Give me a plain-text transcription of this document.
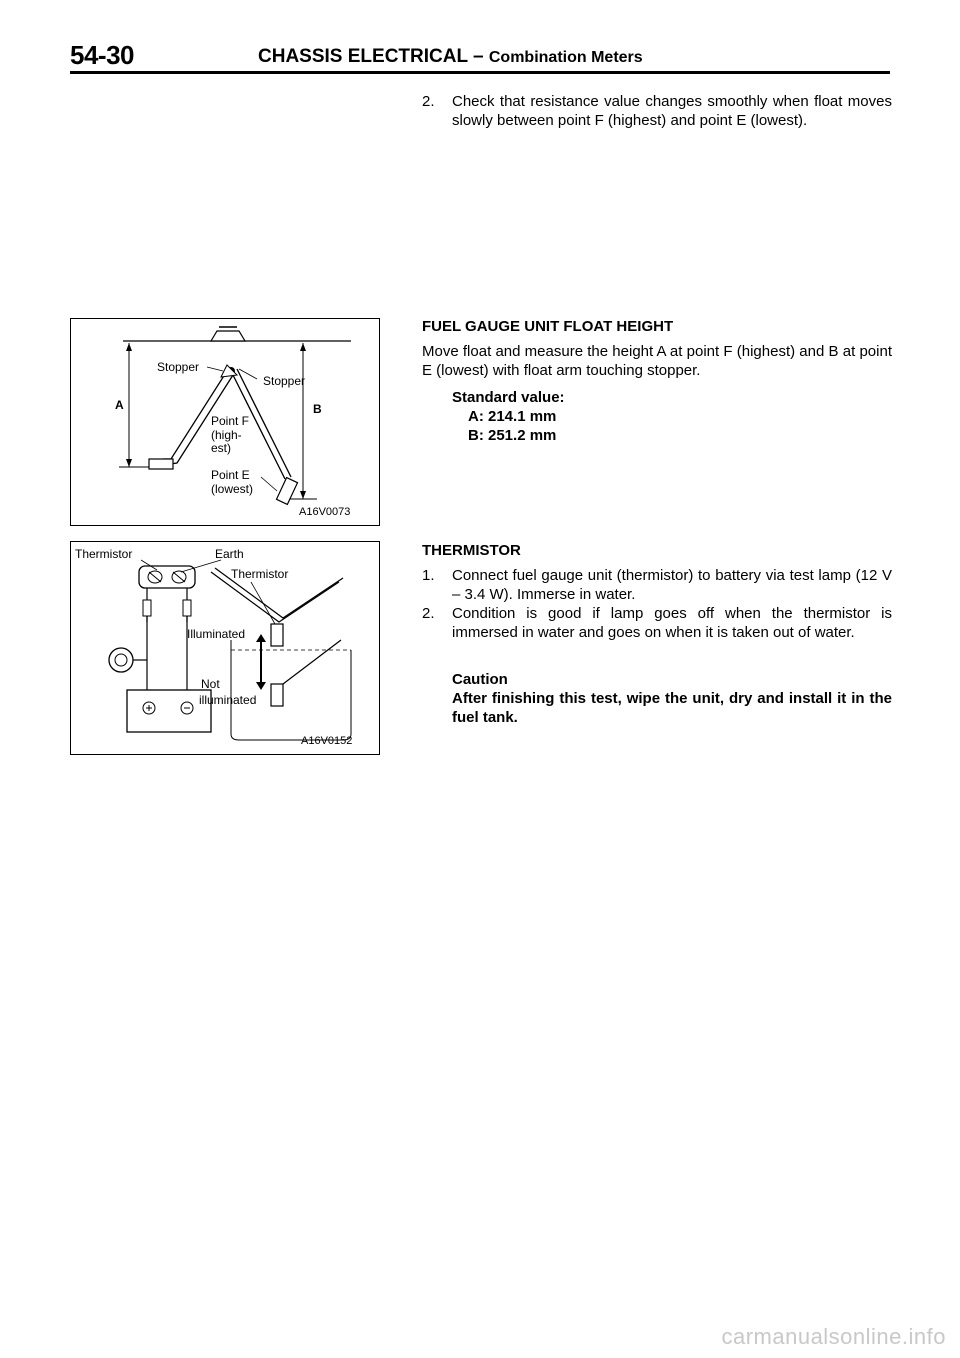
54-30	CHASSIS ELECTRICAL – Combination Meters
2. Check that resistance value changes smoothly when float moves slowly between point F (highest) and point E (lowest).
Stopper
Stopper
A	B
Point F
(high-
est)
Point E
(lowest)
A16V0073
FUEL GAUGE UNIT FLOAT HEIGHT
Move float and measure the height A at point F (highest) and B at point E (lowest) with float arm touching stopper.
Standard value:
A: 214.1 mm
B: 251.2 mm
Thermistor	Earth
Thermistor
Illuminated
Not
illuminated
A16V0152
THERMISTOR
1. Connect fuel gauge unit (thermistor) to battery via test lamp (12 V – 3.4 W). Immerse in water.
2. Condition is good if lamp goes off when the thermistor is immersed in water and goes on when it is taken out of water.
Caution
After finishing this test, wipe the unit, dry and install it in the fuel tank.
carmanualsonline.info
